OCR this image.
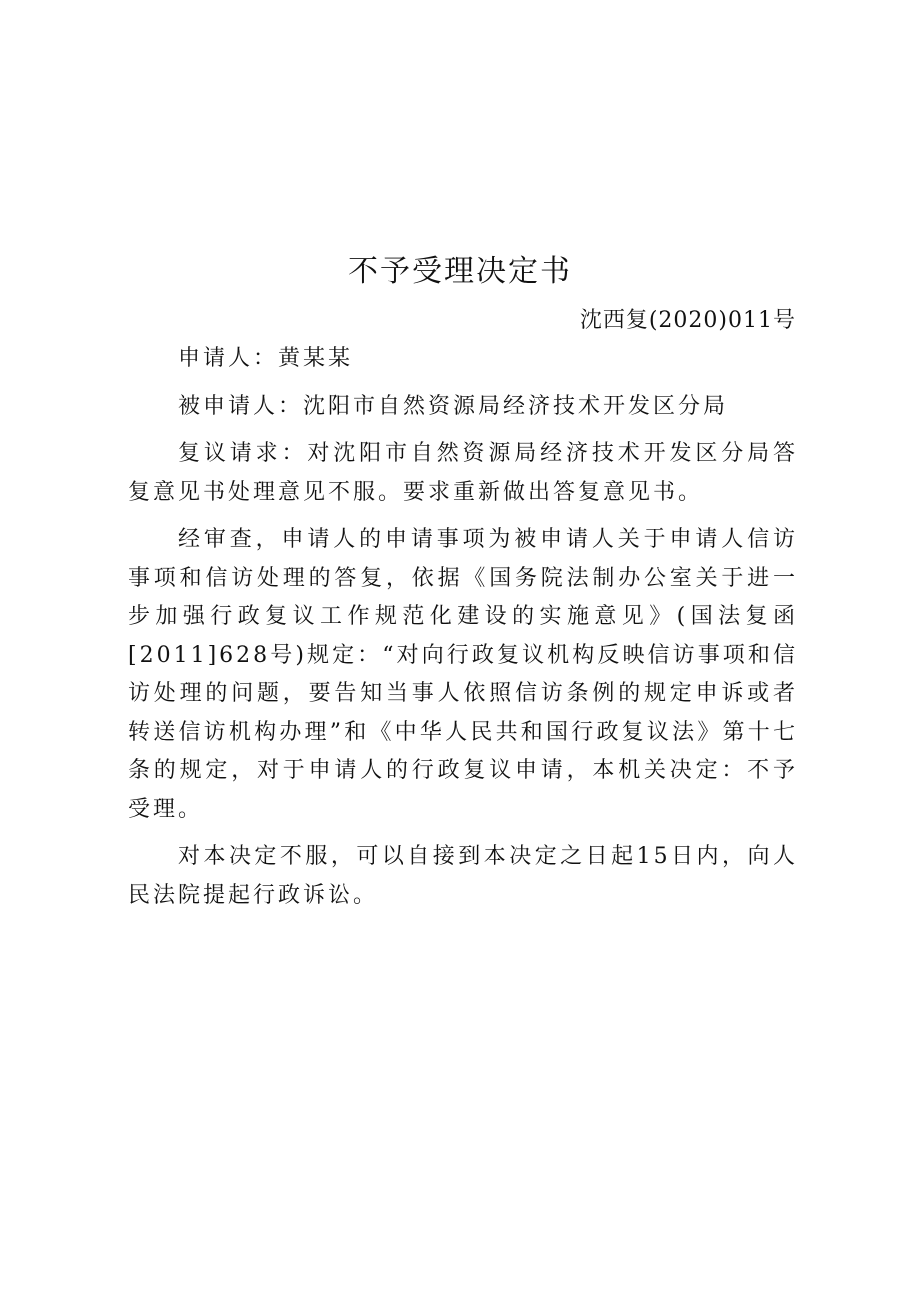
不予受理决定书
沈西复(2020)011号

申请人：黄某某

被申请人：沈阳市自然资源局经济技术开发区分局

复议请求：对沈阳市自然资源局经济技术开发区分局答复意见书处理意见不服。要求重新做出答复意见书。

经审查，申请人的申请事项为被申请人关于申请人信访事项和信访处理的答复，依据《国务院法制办公室关于进一步加强行政复议工作规范化建设的实施意见》(国法复函[2011]628号)规定：“对向行政复议机构反映信访事项和信访处理的问题，要告知当事人依照信访条例的规定申诉或者转送信访机构办理”和《中华人民共和国行政复议法》第十七条的规定，对于申请人的行政复议申请，本机关决定：不予受理。

对本决定不服，可以自接到本决定之日起15日内，向人民法院提起行政诉讼。
